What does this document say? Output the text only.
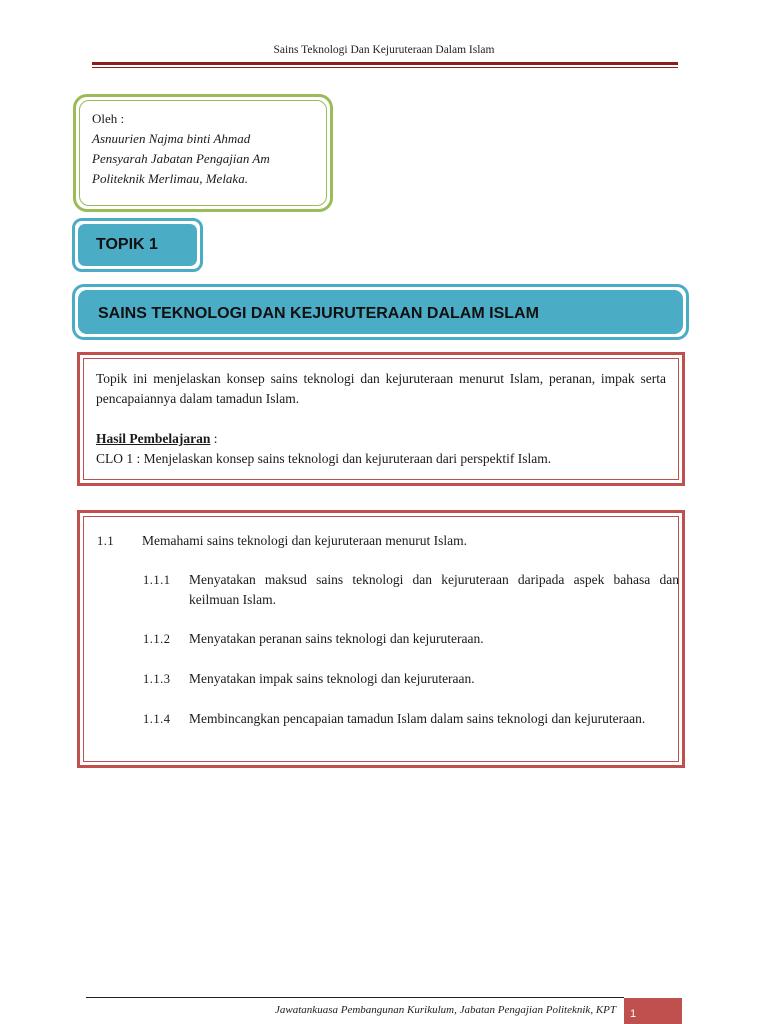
Sains Teknologi Dan Kejuruteraan Dalam Islam
Oleh :
Asnuurien Najma binti Ahmad
Pensyarah Jabatan Pengajian Am
Politeknik Merlimau, Melaka.
TOPIK 1
SAINS TEKNOLOGI DAN KEJURUTERAAN DALAM ISLAM

Topik ini menjelaskan konsep sains teknologi dan kejuruteraan menurut Islam, peranan, impak serta pencapaiannya dalam tamadun Islam.

Hasil Pembelajaran :

CLO 1 : Menjelaskan konsep sains teknologi dan kejuruteraan dari perspektif Islam.

1.1 Memahami sains teknologi dan kejuruteraan menurut Islam.
1.1.1 Menyatakan maksud sains teknologi dan kejuruteraan daripada aspek bahasa dan keilmuan Islam.
1.1.2 Menyatakan peranan sains teknologi dan kejuruteraan.
1.1.3 Menyatakan impak sains teknologi dan kejuruteraan.
1.1.4 Membincangkan pencapaian tamadun Islam dalam sains teknologi dan kejuruteraan.
Jawatankuasa Pembangunan Kurikulum, Jabatan Pengajian Politeknik, KPT	1
